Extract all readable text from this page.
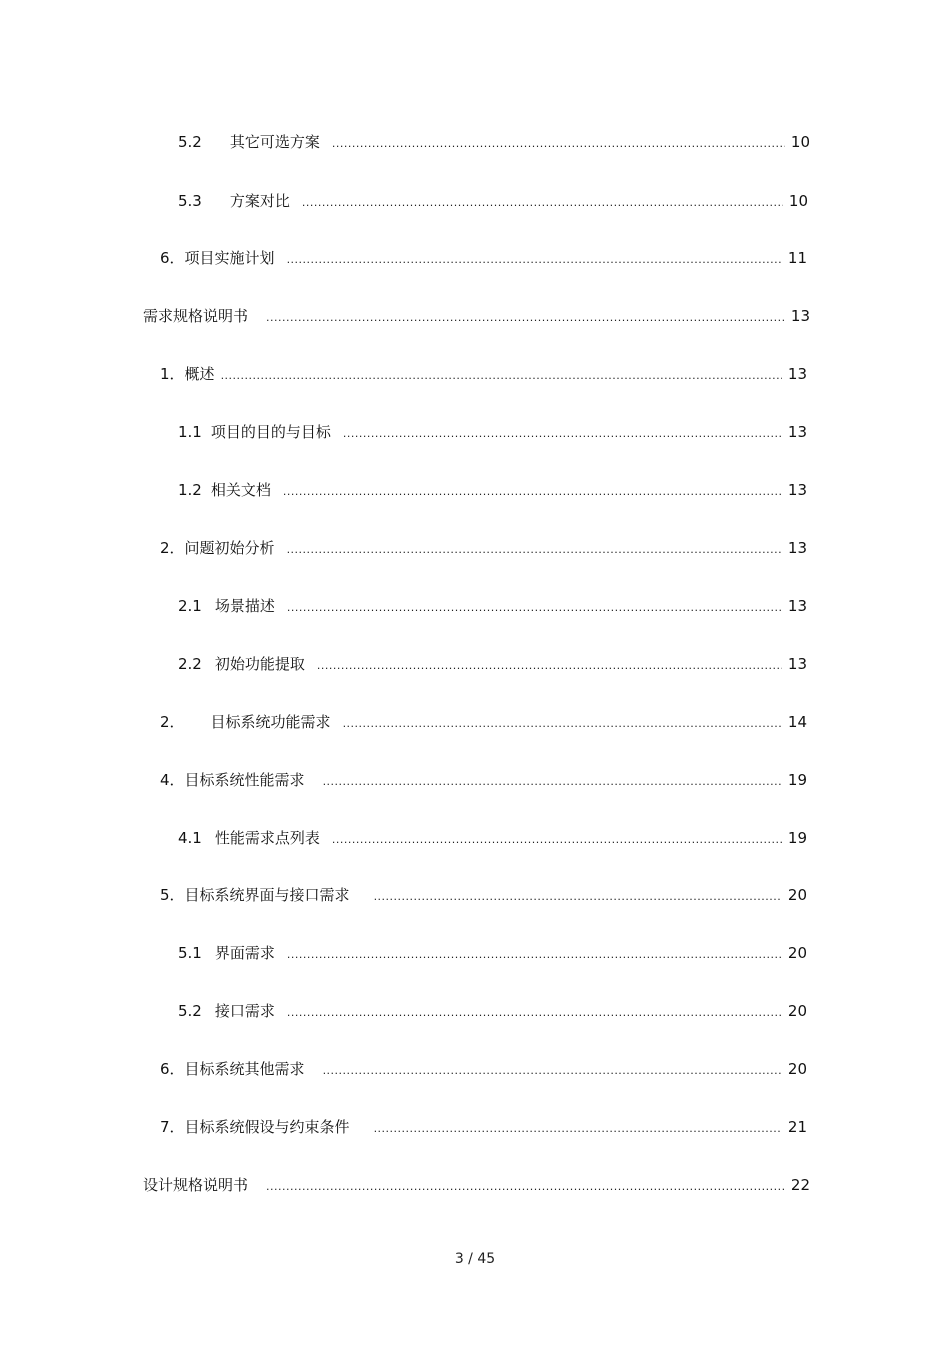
5.2 其它可选方案 .....	10
5.3 方案对比 .....	10
6． 项目实施计划 .....	11
需求规格说明书 .....	13
1． 概述 .....	13
1.1 项目的目的与目标 .....	13
1.2 相关文档 .....	13
2． 问题初始分析 .....	13
2.1 场景描述 .....	13
2.2 初始功能提取 .....	13
2． 目标系统功能需求 .....	14
4． 目标系统性能需求 .....	19
4.1 性能需求点列表 .....	19
5． 目标系统界面与接口需求 .....	20
5.1 界面需求 .....	20
5.2 接口需求 .....	20
6． 目标系统其他需求 .....	20
7． 目标系统假设与约束条件 .....	21
设计规格说明书 .....	22
3 / 45
